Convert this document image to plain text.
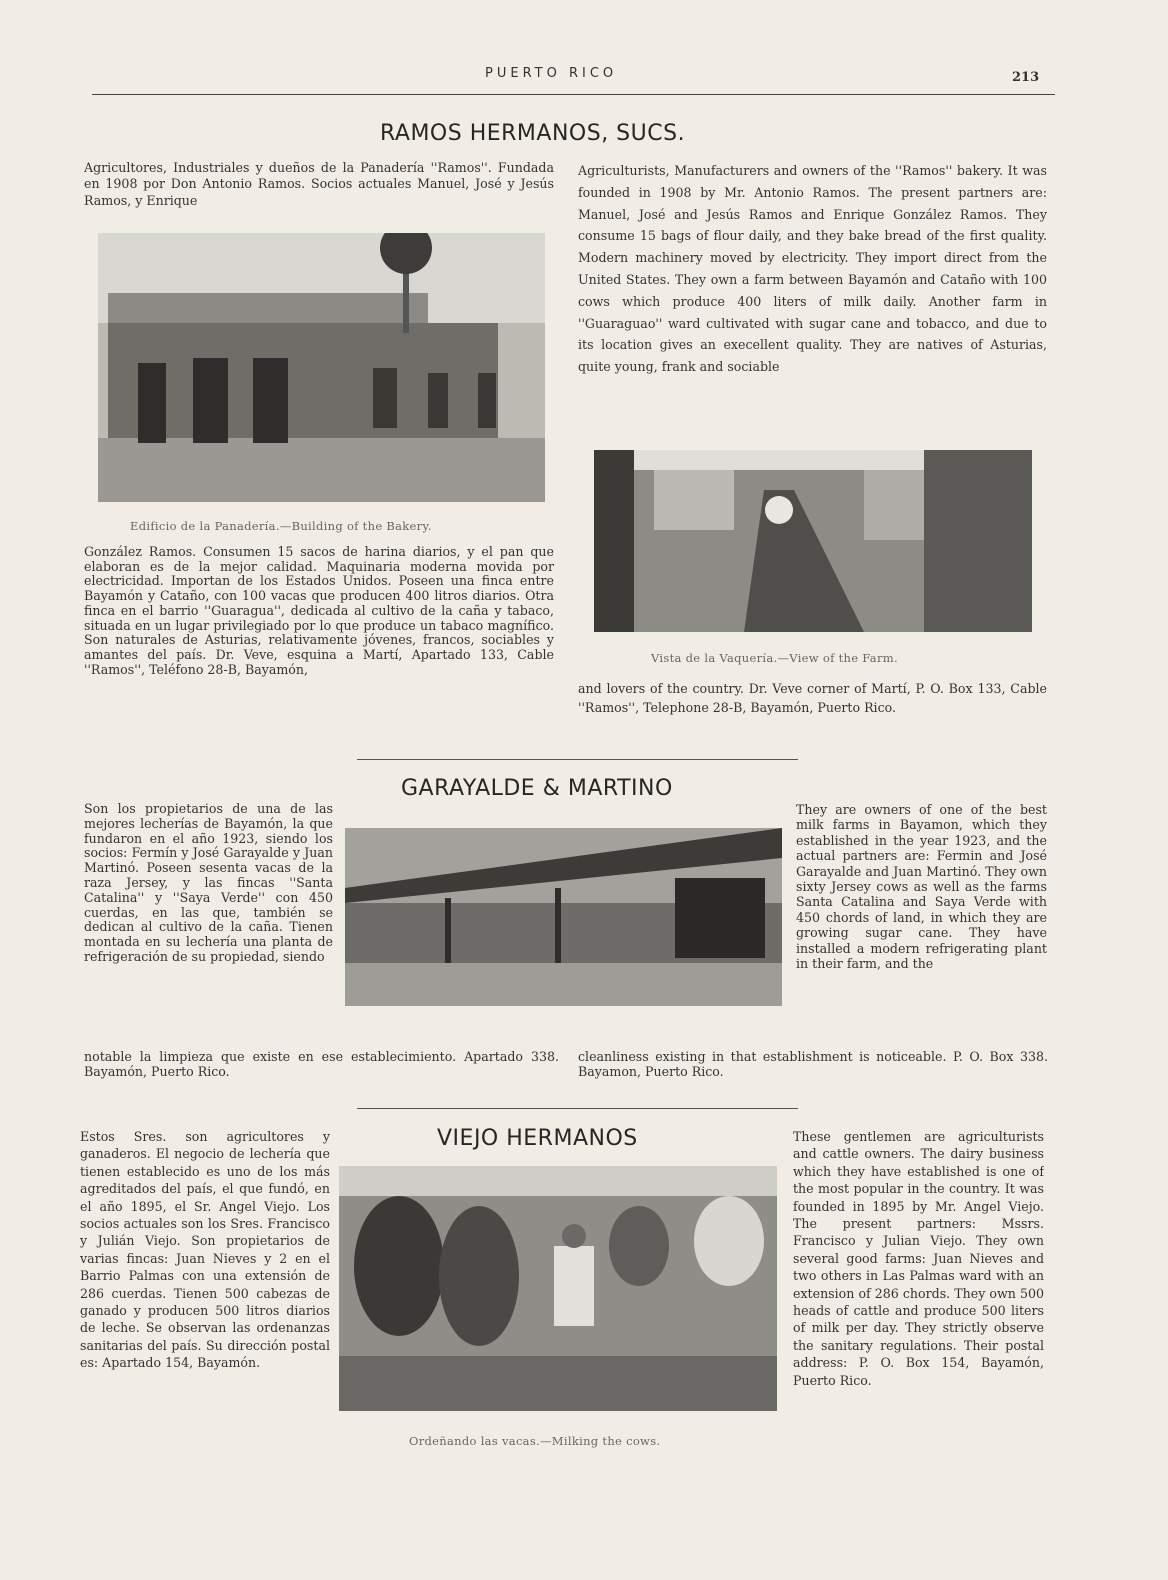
PUERTO RICO	213
RAMOS HERMANOS, SUCS.

Agricultores, Industriales y dueños de la Panadería ''Ramos''. Fundada en 1908 por Don Antonio Ramos. Socios actuales Manuel, José y Jesús Ramos, y Enrique

Edificio de la Panadería.—Building of the Bakery.

González Ramos. Consumen 15 sacos de harina diarios, y el pan que elaboran es de la mejor calidad. Maquinaria moderna movida por electricidad. Importan de los Estados Unidos. Poseen una finca entre Bayamón y Cataño, con 100 vacas que producen 400 litros diarios. Otra finca en el barrio ''Guaragua'', dedicada al cultivo de la caña y tabaco, situada en un lugar privilegiado por lo que produce un tabaco magnífico. Son naturales de Asturias, relativamente jóvenes, francos, sociables y amantes del país. Dr. Veve, esquina a Martí, Apartado 133, Cable ''Ramos'', Teléfono 28-B, Bayamón,

Agriculturists, Manufacturers and owners of the ''Ramos'' bakery. It was founded in 1908 by Mr. Antonio Ramos. The present partners are: Manuel, José and Jesús Ramos and Enrique González Ramos. They consume 15 bags of flour daily, and they bake bread of the first quality. Modern machinery moved by electricity. They import direct from the United States. They own a farm between Bayamón and Cataño with 100 cows which produce 400 liters of milk daily. Another farm in ''Guaraguao'' ward cultivated with sugar cane and tobacco, and due to its location gives an execellent quality. They are natives of Asturias, quite young, frank and sociable

Vista de la Vaquería.—View of the Farm.

and lovers of the country. Dr. Veve corner of Martí, P. O. Box 133, Cable ''Ramos'', Telephone 28-B, Bayamón, Puerto Rico.

GARAYALDE & MARTINO

Son los propietarios de una de las mejores lecherías de Bayamón, la que fundaron en el año 1923, siendo los socios: Fermín y José Garayalde y Juan Martinó. Poseen sesenta vacas de la raza Jersey, y las fincas ''Santa Catalina'' y ''Saya Verde'' con 450 cuerdas, en las que, también se dedican al cultivo de la caña. Tienen montada en su lechería una planta de refrigeración de su propiedad, siendo

notable la limpieza que existe en ese establecimiento. Apartado 338. Bayamón, Puerto Rico.

They are owners of one of the best milk farms in Bayamon, which they established in the year 1923, and the actual partners are: Fermin and José Garayalde and Juan Martinó. They own sixty Jersey cows as well as the farms Santa Catalina and Saya Verde with 450 chords of land, in which they are growing sugar cane. They have installed a modern refrigerating plant in their farm, and the

cleanliness existing in that establishment is noticeable. P. O. Box 338. Bayamon, Puerto Rico.

VIEJO HERMANOS

Estos Sres. son agricultores y ganaderos. El negocio de lechería que tienen establecido es uno de los más agreditados del país, el que fundó, en el año 1895, el Sr. Angel Viejo. Los socios actuales son los Sres. Francisco y Julián Viejo. Son propietarios de varias fincas: Juan Nieves y 2 en el Barrio Palmas con una extensión de 286 cuerdas. Tienen 500 cabezas de ganado y producen 500 litros diarios de leche. Se observan las ordenanzas sanitarias del país. Su dirección postal es: Apartado 154, Bayamón.

Ordeñando las vacas.—Milking the cows.

These gentlemen are agriculturists and cattle owners. The dairy business which they have established is one of the most popular in the country. It was founded in 1895 by Mr. Angel Viejo. The present partners: Mssrs. Francisco y Julian Viejo. They own several good farms: Juan Nieves and two others in Las Palmas ward with an extension of 286 chords. They own 500 heads of cattle and produce 500 liters of milk per day. They strictly observe the sanitary regulations. Their postal address: P. O. Box 154, Bayamón, Puerto Rico.
